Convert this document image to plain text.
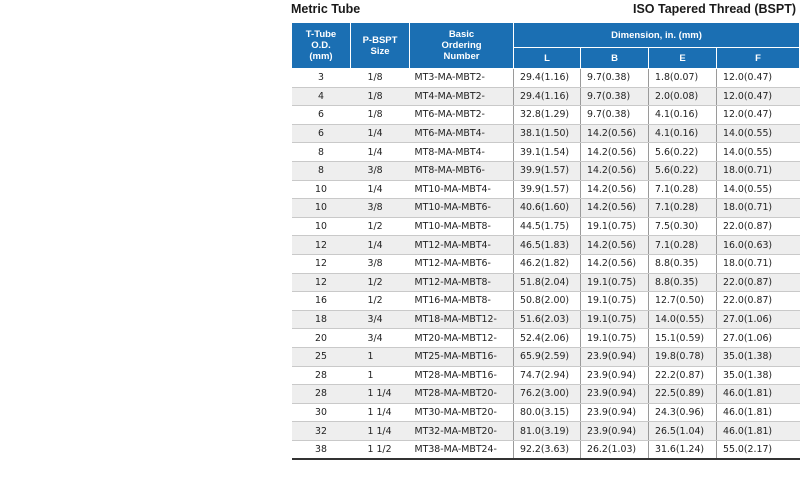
Metric Tube	ISO Tapered Thread (BSPT)
T-Tube
O.D.
(mm)	P-BSPT
Size	Basic
Ordering
Number	Dimension, in. (mm)			
			L	B	E	F
3	1/8	MT3-MA-MBT2-	29.4(1.16)	9.7(0.38)	1.8(0.07)	12.0(0.47)
4	1/8	MT4-MA-MBT2-	29.4(1.16)	9.7(0.38)	2.0(0.08)	12.0(0.47)
6	1/8	MT6-MA-MBT2-	32.8(1.29)	9.7(0.38)	4.1(0.16)	12.0(0.47)
6	1/4	MT6-MA-MBT4-	38.1(1.50)	14.2(0.56)	4.1(0.16)	14.0(0.55)
8	1/4	MT8-MA-MBT4-	39.1(1.54)	14.2(0.56)	5.6(0.22)	14.0(0.55)
8	3/8	MT8-MA-MBT6-	39.9(1.57)	14.2(0.56)	5.6(0.22)	18.0(0.71)
10	1/4	MT10-MA-MBT4-	39.9(1.57)	14.2(0.56)	7.1(0.28)	14.0(0.55)
10	3/8	MT10-MA-MBT6-	40.6(1.60)	14.2(0.56)	7.1(0.28)	18.0(0.71)
10	1/2	MT10-MA-MBT8-	44.5(1.75)	19.1(0.75)	7.5(0.30)	22.0(0.87)
12	1/4	MT12-MA-MBT4-	46.5(1.83)	14.2(0.56)	7.1(0.28)	16.0(0.63)
12	3/8	MT12-MA-MBT6-	46.2(1.82)	14.2(0.56)	8.8(0.35)	18.0(0.71)
12	1/2	MT12-MA-MBT8-	51.8(2.04)	19.1(0.75)	8.8(0.35)	22.0(0.87)
16	1/2	MT16-MA-MBT8-	50.8(2.00)	19.1(0.75)	12.7(0.50)	22.0(0.87)
18	3/4	MT18-MA-MBT12-	51.6(2.03)	19.1(0.75)	14.0(0.55)	27.0(1.06)
20	3/4	MT20-MA-MBT12-	52.4(2.06)	19.1(0.75)	15.1(0.59)	27.0(1.06)
25	1	MT25-MA-MBT16-	65.9(2.59)	23.9(0.94)	19.8(0.78)	35.0(1.38)
28	1	MT28-MA-MBT16-	74.7(2.94)	23.9(0.94)	22.2(0.87)	35.0(1.38)
28	1 1/4	MT28-MA-MBT20-	76.2(3.00)	23.9(0.94)	22.5(0.89)	46.0(1.81)
30	1 1/4	MT30-MA-MBT20-	80.0(3.15)	23.9(0.94)	24.3(0.96)	46.0(1.81)
32	1 1/4	MT32-MA-MBT20-	81.0(3.19)	23.9(0.94)	26.5(1.04)	46.0(1.81)
38	1 1/2	MT38-MA-MBT24-	92.2(3.63)	26.2(1.03)	31.6(1.24)	55.0(2.17)
